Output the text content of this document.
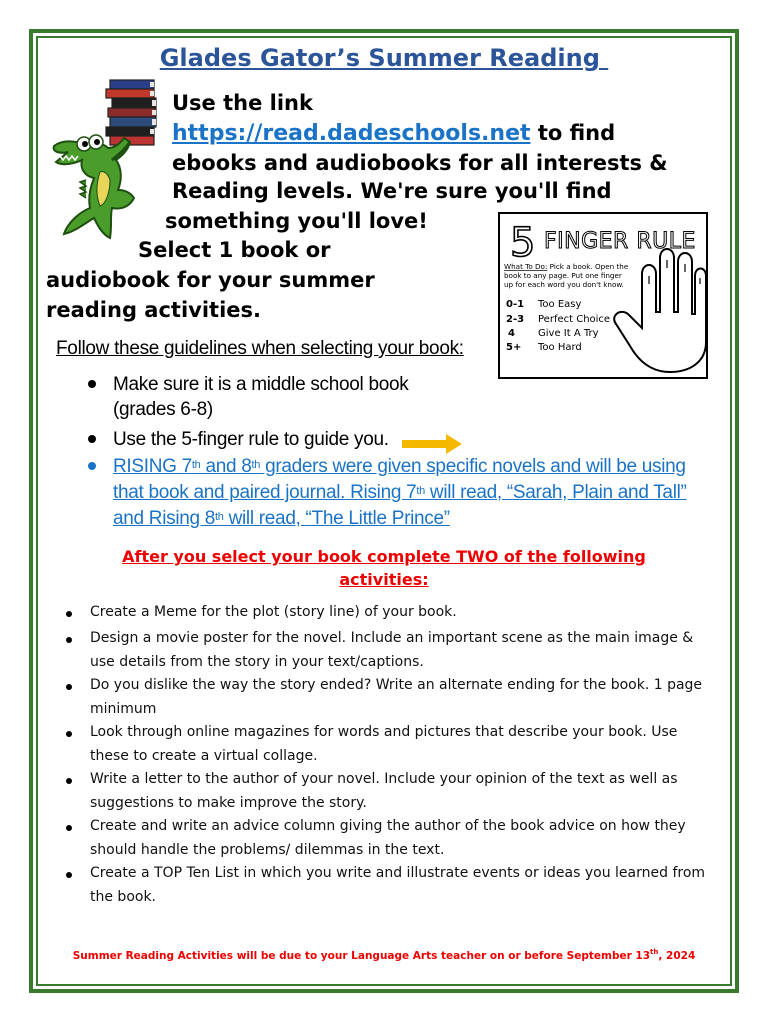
Glades Gator’s Summer Reading
Use the link
https://read.dadeschools.net to find
ebooks and audiobooks for all interests &
Reading levels. We're sure you'll find
something you'll love!
Select 1 book or
audiobook for your summer
reading activities.
5 FINGER RULE
What To Do: Pick a book. Open the
book to any page. Put one finger
up for each word you don't know.
0-1 Too Easy
2-3 Perfect Choice
4 Give It A Try
5+ Too Hard
Follow these guidelines when selecting your book:
Make sure it is a middle school book
(grades 6-8)
Use the 5-finger rule to guide you.
RISING 7th and 8th graders were given specific novels and will be using
that book and paired journal. Rising 7th will read, “Sarah, Plain and Tall”
and Rising 8th will read, “The Little Prince”
After you select your book complete TWO of the following
activities:
Create a Meme for the plot (story line) of your book.
Design a movie poster for the novel. Include an important scene as the main image &
use details from the story in your text/captions.
Do you dislike the way the story ended? Write an alternate ending for the book. 1 page
minimum
Look through online magazines for words and pictures that describe your book. Use
these to create a virtual collage.
Write a letter to the author of your novel. Include your opinion of the text as well as
suggestions to make improve the story.
Create and write an advice column giving the author of the book advice on how they
should handle the problems/ dilemmas in the text.
Create a TOP Ten List in which you write and illustrate events or ideas you learned from
the book.
Summer Reading Activities will be due to your Language Arts teacher on or before September 13th, 2024
